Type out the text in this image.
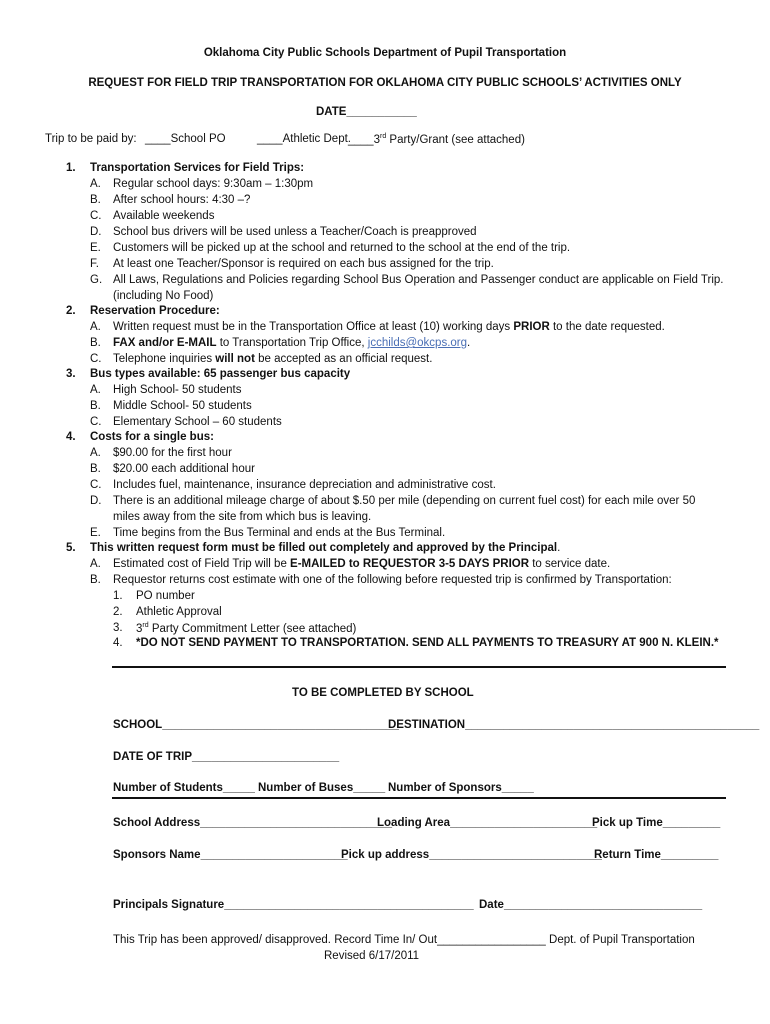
Oklahoma City Public Schools Department of Pupil Transportation
REQUEST FOR FIELD TRIP TRANSPORTATION FOR OKLAHOMA CITY PUBLIC SCHOOLS’ ACTIVITIES ONLY
DATE___________
Trip to be paid by: ____School PO	____Athletic Dept.
____3rd Party/Grant (see attached)
1. Transportation Services for Field Trips:
A. Regular school days: 9:30am – 1:30pm
B. After school hours: 4:30 –?
C. Available weekends
D. School bus drivers will be used unless a Teacher/Coach is preapproved
E. Customers will be picked up at the school and returned to the school at the end of the trip.
F. At least one Teacher/Sponsor is required on each bus assigned for the trip.
G. All Laws, Regulations and Policies regarding School Bus Operation and Passenger conduct are applicable on Field Trip.
(including No Food)
2. Reservation Procedure:
A. Written request must be in the Transportation Office at least (10) working days PRIOR to the date requested.
B. FAX and/or E-MAIL to Transportation Trip Office, jcchilds@okcps.org.
C. Telephone inquiries will not be accepted as an official request.
3. Bus types available: 65 passenger bus capacity
A. High School- 50 students
B. Middle School- 50 students
C. Elementary School – 60 students
4. Costs for a single bus:
A. $90.00 for the first hour
B. $20.00 each additional hour
C. Includes fuel, maintenance, insurance depreciation and administrative cost.
D. There is an additional mileage charge of about $.50 per mile (depending on current fuel cost) for each mile over 50
miles away from the site from which bus is leaving.
E. Time begins from the Bus Terminal and ends at the Bus Terminal.
5. This written request form must be filled out completely and approved by the Principal.
A. Estimated cost of Field Trip will be E-MAILED to REQUESTOR 3-5 DAYS PRIOR to service date.
B. Requestor returns cost estimate with one of the following before requested trip is confirmed by Transportation:
1. PO number
2. Athletic Approval
3. 3rd Party Commitment Letter (see attached)
4. *DO NOT SEND PAYMENT TO TRANSPORTATION. SEND ALL PAYMENTS TO TREASURY AT 900 N. KLEIN.*
TO BE COMPLETED BY SCHOOL
SCHOOL_____________________________________
DESTINATION______________________________________________
DATE OF TRIP_______________________
Number of Students_____ Number of Buses_____ Number of Sponsors_____
School Address______________________________
Loading Area_______________________
Pick up Time_________
Sponsors Name_______________________
Pick up address___________________________
Return Time_________
Principals Signature_______________________________________ Date_______________________________
This Trip has been approved/ disapproved. Record Time In/ Out_________________ Dept. of Pupil Transportation
Revised 6/17/2011
